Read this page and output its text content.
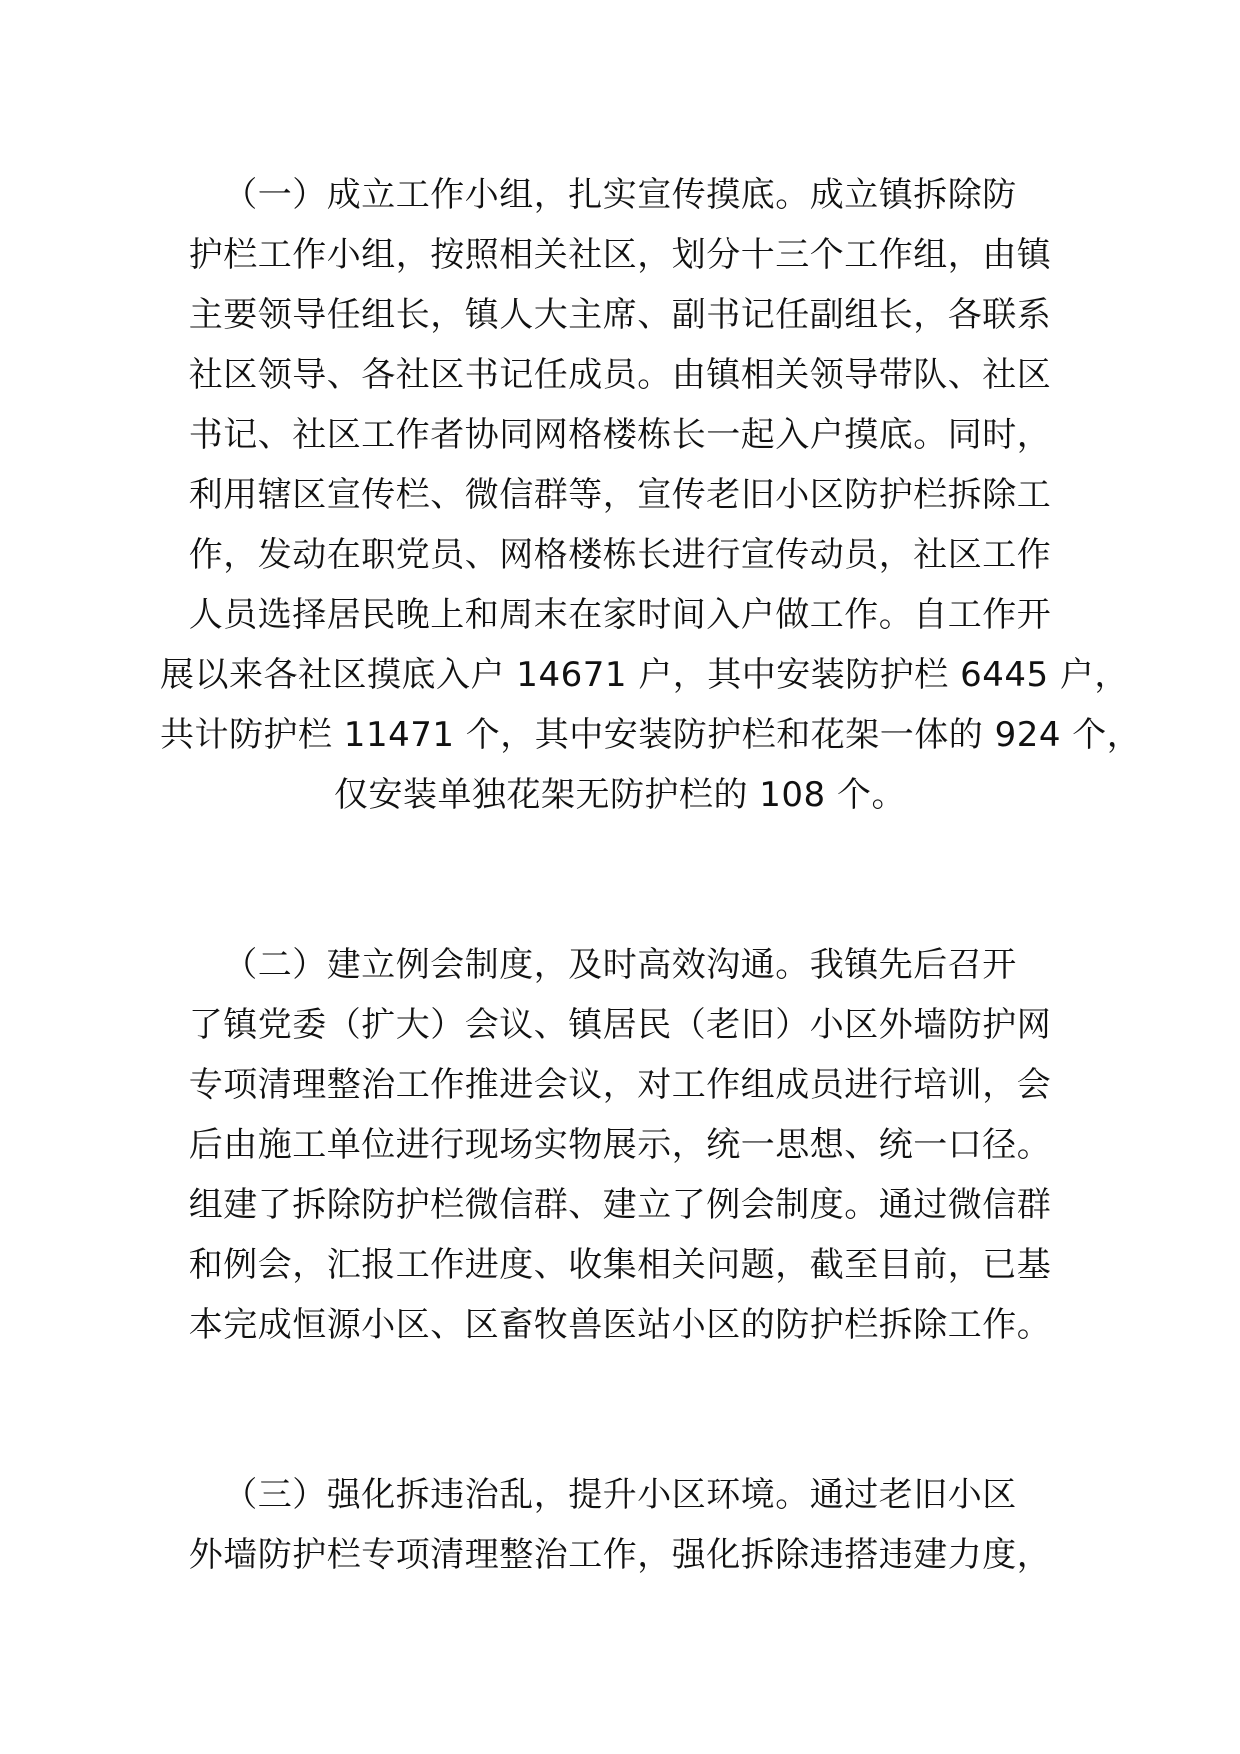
（一）成立工作小组，扎实宣传摸底。成立镇拆除防
护栏工作小组，按照相关社区，划分十三个工作组，由镇
主要领导任组长，镇人大主席、副书记任副组长，各联系
社区领导、各社区书记任成员。由镇相关领导带队、社区
书记、社区工作者协同网格楼栋长一起入户摸底。同时，
利用辖区宣传栏、微信群等，宣传老旧小区防护栏拆除工
作，发动在职党员、网格楼栋长进行宣传动员，社区工作
人员选择居民晚上和周末在家时间入户做工作。自工作开
展以来各社区摸底入户 14671 户，其中安装防护栏 6445 户，
共计防护栏 11471 个，其中安装防护栏和花架一体的 924 个，
仅安装单独花架无防护栏的 108 个。
（二）建立例会制度，及时高效沟通。我镇先后召开
了镇党委（扩大）会议、镇居民（老旧）小区外墙防护网
专项清理整治工作推进会议，对工作组成员进行培训，会
后由施工单位进行现场实物展示，统一思想、统一口径。
组建了拆除防护栏微信群、建立了例会制度。通过微信群
和例会，汇报工作进度、收集相关问题，截至目前，已基
本完成恒源小区、区畜牧兽医站小区的防护栏拆除工作。
（三）强化拆违治乱，提升小区环境。通过老旧小区
外墙防护栏专项清理整治工作，强化拆除违搭违建力度，
